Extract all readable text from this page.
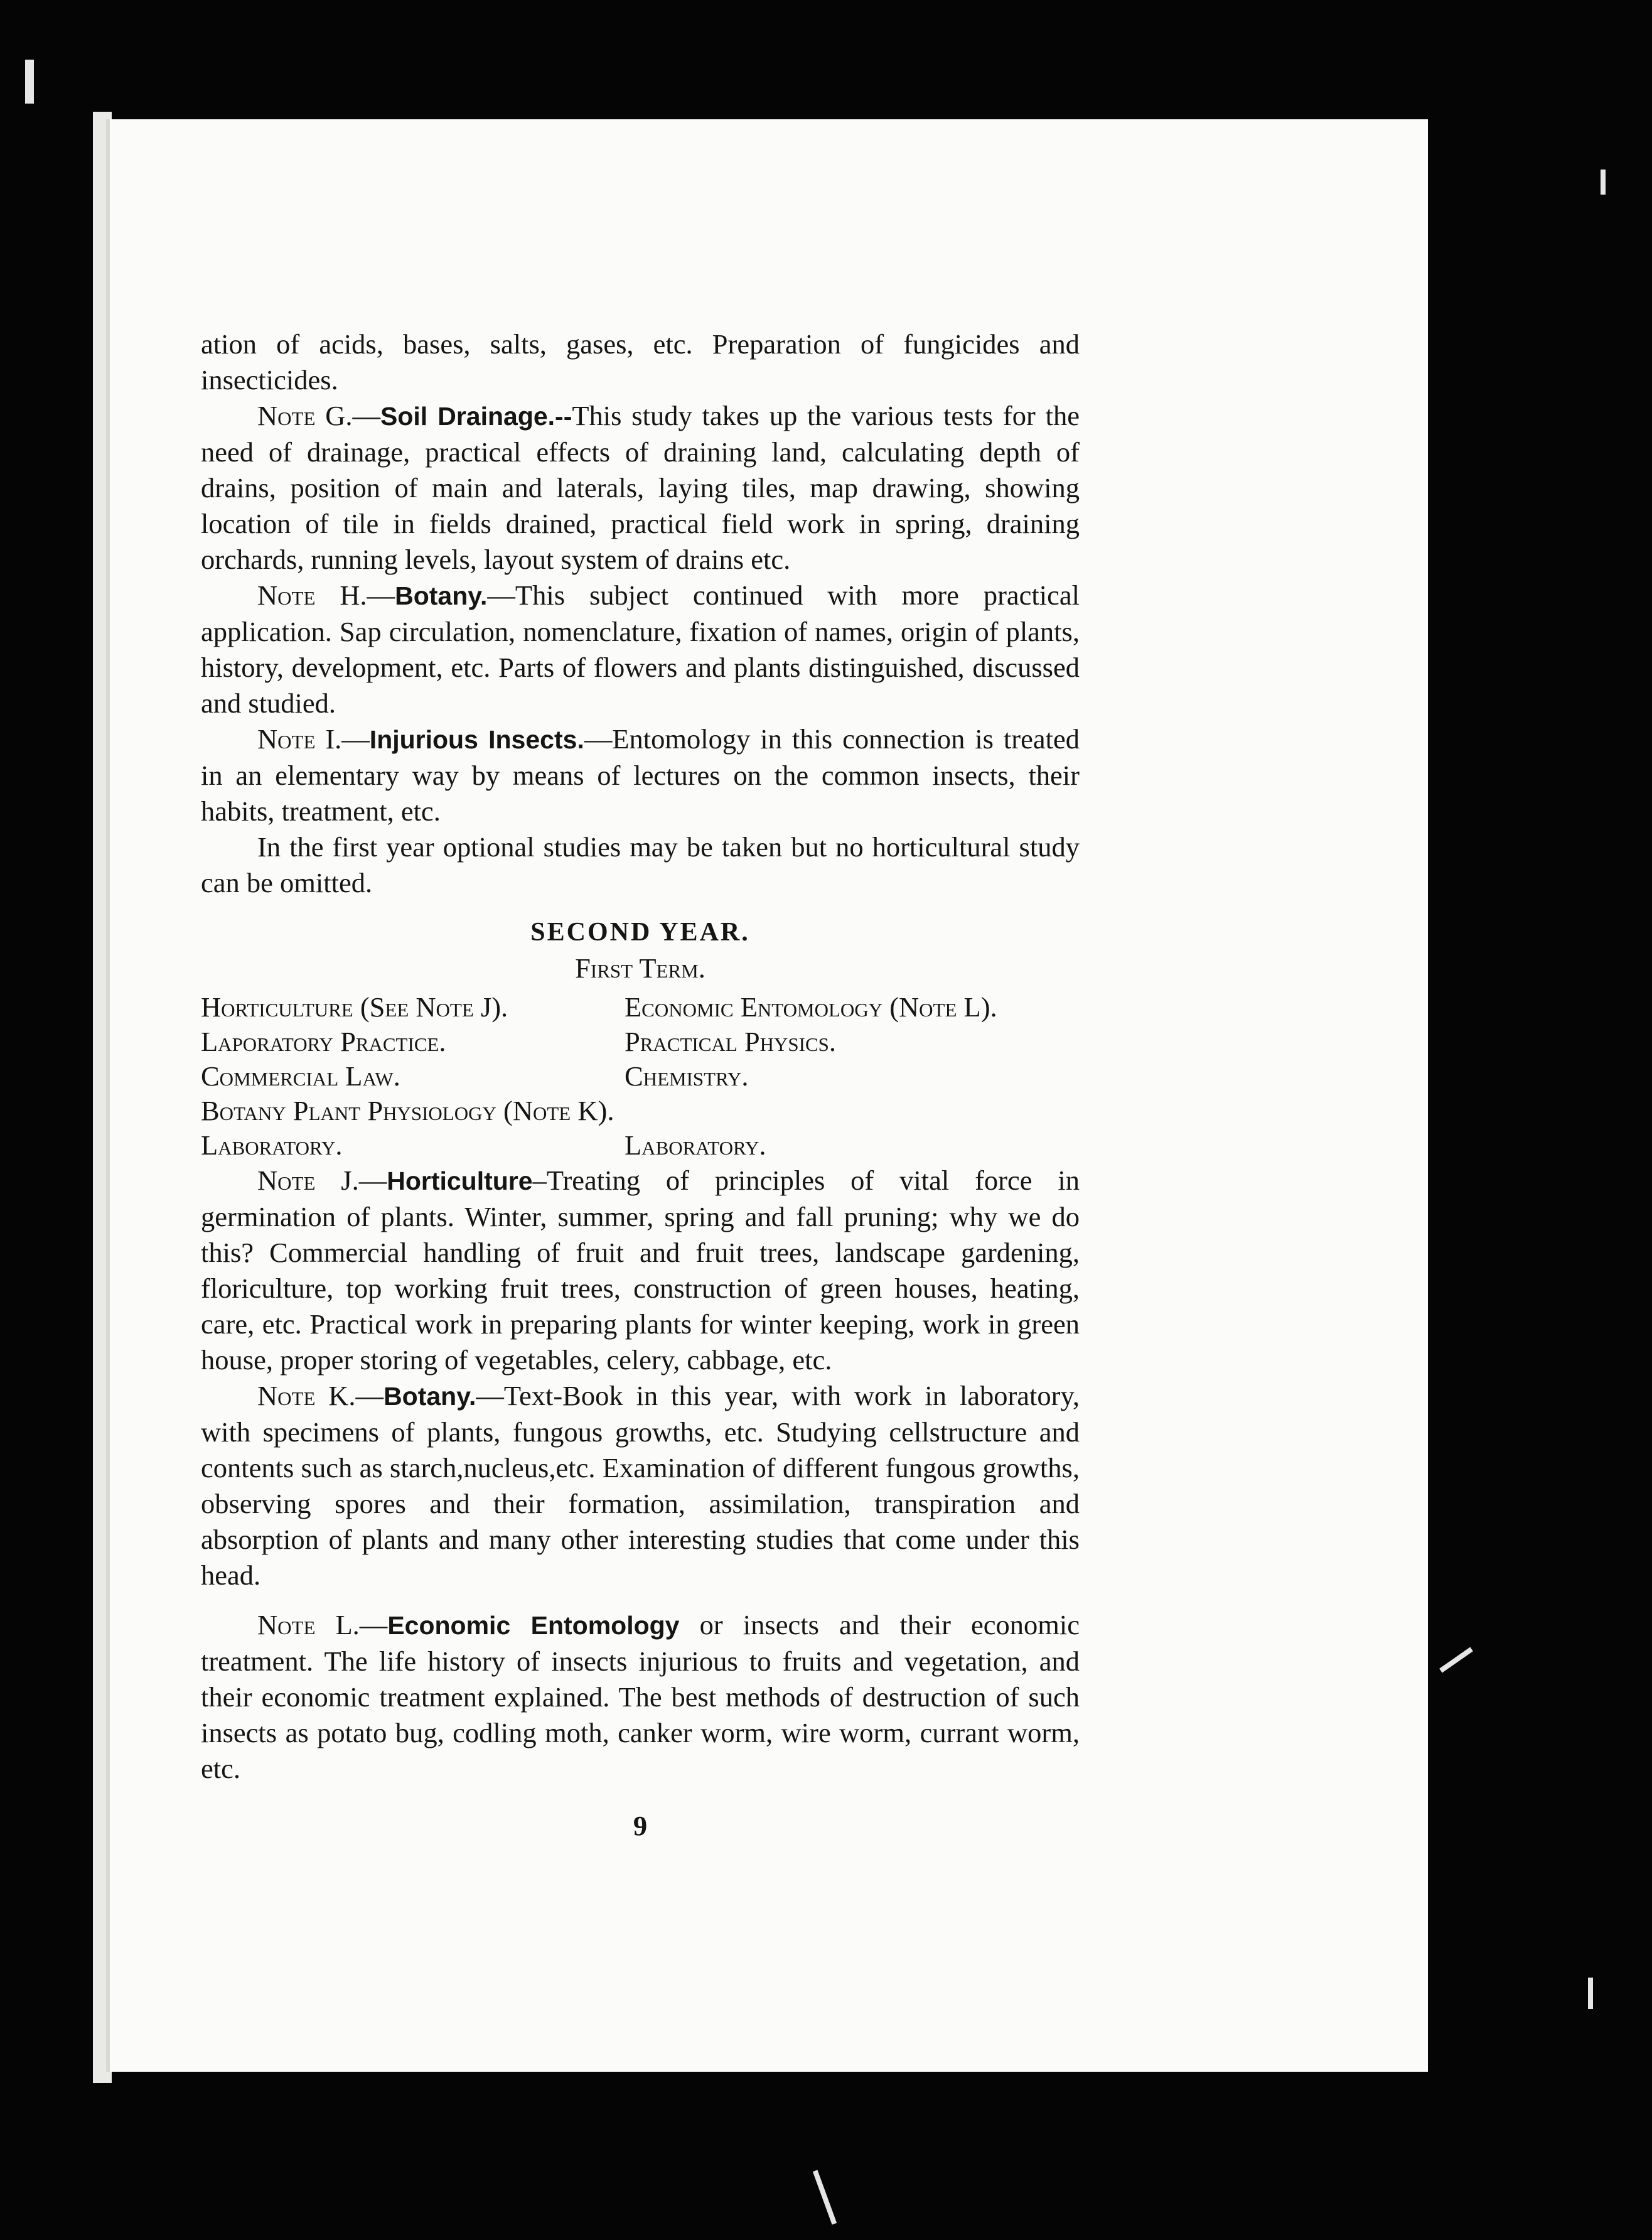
ation of acids, bases, salts, gases, etc. Preparation of fungicides and insecticides.

Note G.—Soil Drainage.--This study takes up the various tests for the need of drainage, practical effects of draining land, calculating depth of drains, position of main and laterals, laying tiles, map drawing, showing location of tile in fields drained, practical field work in spring, draining orchards, running levels, layout system of drains etc.

Note H.—Botany.—This subject continued with more practical application. Sap circulation, nomenclature, fixation of names, origin of plants, history, development, etc. Parts of flowers and plants distinguished, discussed and studied.

Note I.—Injurious Insects.—Entomology in this connection is treated in an elementary way by means of lectures on the common insects, their habits, treatment, etc.

In the first year optional studies may be taken but no horticultural study can be omitted.

SECOND YEAR.
First Term.
Horticulture (See Note J).	Economic Entomology (Note L).
Laporatory Practice.	Practical Physics.
Commercial Law.	Chemistry.
Botany Plant Physiology (Note K).
Laboratory.	Laboratory.

Note J.—Horticulture–Treating of principles of vital force in germination of plants. Winter, summer, spring and fall pruning; why we do this? Commercial handling of fruit and fruit trees, landscape gardening, floriculture, top working fruit trees, construction of green houses, heating, care, etc. Practical work in preparing plants for winter keeping, work in green house, proper storing of vegetables, celery, cabbage, etc.

Note K.—Botany.—Text-Book in this year, with work in laboratory, with specimens of plants, fungous growths, etc. Studying cellstructure and contents such as starch,nucleus,etc. Examination of different fungous growths, observing spores and their formation, assimilation, transpiration and absorption of plants and many other interesting studies that come under this head.

Note L.—Economic Entomology or insects and their economic treatment. The life history of insects injurious to fruits and vegetation, and their economic treatment explained. The best methods of destruction of such insects as potato bug, codling moth, canker worm, wire worm, currant worm, etc.

9
